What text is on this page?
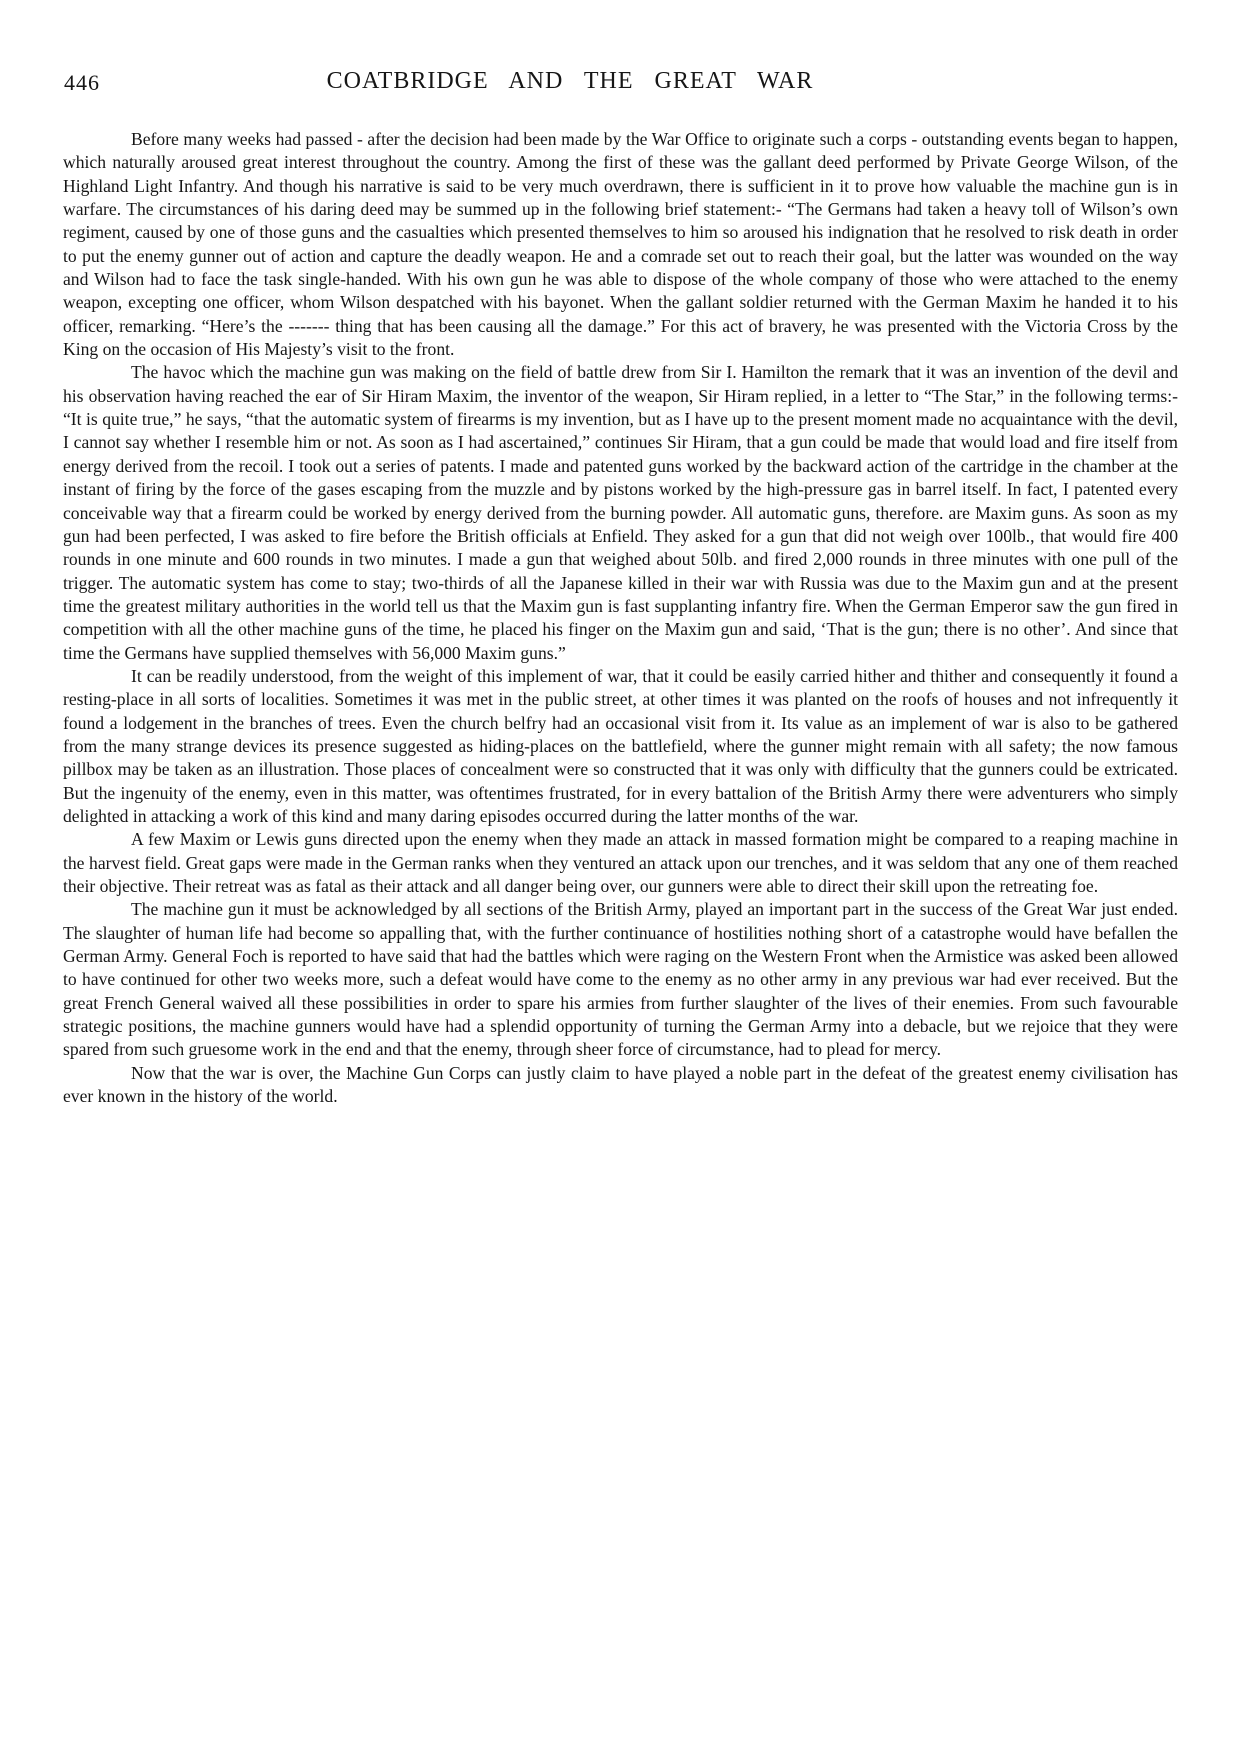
446	COATBRIDGE AND THE GREAT WAR

Before many weeks had passed - after the decision had been made by the War Office to originate such a corps - outstanding events began to happen, which naturally aroused great interest throughout the country. Among the first of these was the gallant deed performed by Private George Wilson, of the Highland Light Infantry. And though his narrative is said to be very much overdrawn, there is sufficient in it to prove how valuable the machine gun is in warfare. The circumstances of his daring deed may be summed up in the following brief statement:- “The Germans had taken a heavy toll of Wilson’s own regiment, caused by one of those guns and the casualties which presented themselves to him so aroused his indignation that he resolved to risk death in order to put the enemy gunner out of action and capture the deadly weapon. He and a comrade set out to reach their goal, but the latter was wounded on the way and Wilson had to face the task single-handed. With his own gun he was able to dispose of the whole company of those who were attached to the enemy weapon, excepting one officer, whom Wilson despatched with his bayonet. When the gallant soldier returned with the German Maxim he handed it to his officer, remarking. “Here’s the ------- thing that has been causing all the damage.” For this act of bravery, he was presented with the Victoria Cross by the King on the occasion of His Majesty’s visit to the front.

The havoc which the machine gun was making on the field of battle drew from Sir I. Hamilton the remark that it was an invention of the devil and his observation having reached the ear of Sir Hiram Maxim, the inventor of the weapon, Sir Hiram replied, in a letter to “The Star,” in the following terms:- “It is quite true,” he says, “that the automatic system of firearms is my invention, but as I have up to the present moment made no acquaintance with the devil, I cannot say whether I resemble him or not. As soon as I had ascertained,” continues Sir Hiram, that a gun could be made that would load and fire itself from energy derived from the recoil. I took out a series of patents. I made and patented guns worked by the backward action of the cartridge in the chamber at the instant of firing by the force of the gases escaping from the muzzle and by pistons worked by the high-pressure gas in barrel itself. In fact, I patented every conceivable way that a firearm could be worked by energy derived from the burning powder. All automatic guns, therefore. are Maxim guns. As soon as my gun had been perfected, I was asked to fire before the British officials at Enfield. They asked for a gun that did not weigh over 100lb., that would fire 400 rounds in one minute and 600 rounds in two minutes. I made a gun that weighed about 50lb. and fired 2,000 rounds in three minutes with one pull of the trigger. The automatic system has come to stay; two-thirds of all the Japanese killed in their war with Russia was due to the Maxim gun and at the present time the greatest military authorities in the world tell us that the Maxim gun is fast supplanting infantry fire. When the German Emperor saw the gun fired in competition with all the other machine guns of the time, he placed his finger on the Maxim gun and said, ‘That is the gun; there is no other’. And since that time the Germans have supplied themselves with 56,000 Maxim guns.”

It can be readily understood, from the weight of this implement of war, that it could be easily carried hither and thither and consequently it found a resting-place in all sorts of localities. Sometimes it was met in the public street, at other times it was planted on the roofs of houses and not infrequently it found a lodgement in the branches of trees. Even the church belfry had an occasional visit from it. Its value as an implement of war is also to be gathered from the many strange devices its presence suggested as hiding-places on the battlefield, where the gunner might remain with all safety; the now famous pillbox may be taken as an illustration. Those places of concealment were so constructed that it was only with difficulty that the gunners could be extricated. But the ingenuity of the enemy, even in this matter, was oftentimes frustrated, for in every battalion of the British Army there were adventurers who simply delighted in attacking a work of this kind and many daring episodes occurred during the latter months of the war.

A few Maxim or Lewis guns directed upon the enemy when they made an attack in massed formation might be compared to a reaping machine in the harvest field. Great gaps were made in the German ranks when they ventured an attack upon our trenches, and it was seldom that any one of them reached their objective. Their retreat was as fatal as their attack and all danger being over, our gunners were able to direct their skill upon the retreating foe.

The machine gun it must be acknowledged by all sections of the British Army, played an important part in the success of the Great War just ended. The slaughter of human life had become so appalling that, with the further continuance of hostilities nothing short of a catastrophe would have befallen the German Army. General Foch is reported to have said that had the battles which were raging on the Western Front when the Armistice was asked been allowed to have continued for other two weeks more, such a defeat would have come to the enemy as no other army in any previous war had ever received. But the great French General waived all these possibilities in order to spare his armies from further slaughter of the lives of their enemies. From such favourable strategic positions, the machine gunners would have had a splendid opportunity of turning the German Army into a debacle, but we rejoice that they were spared from such gruesome work in the end and that the enemy, through sheer force of circumstance, had to plead for mercy.

Now that the war is over, the Machine Gun Corps can justly claim to have played a noble part in the defeat of the greatest enemy civilisation has ever known in the history of the world.
